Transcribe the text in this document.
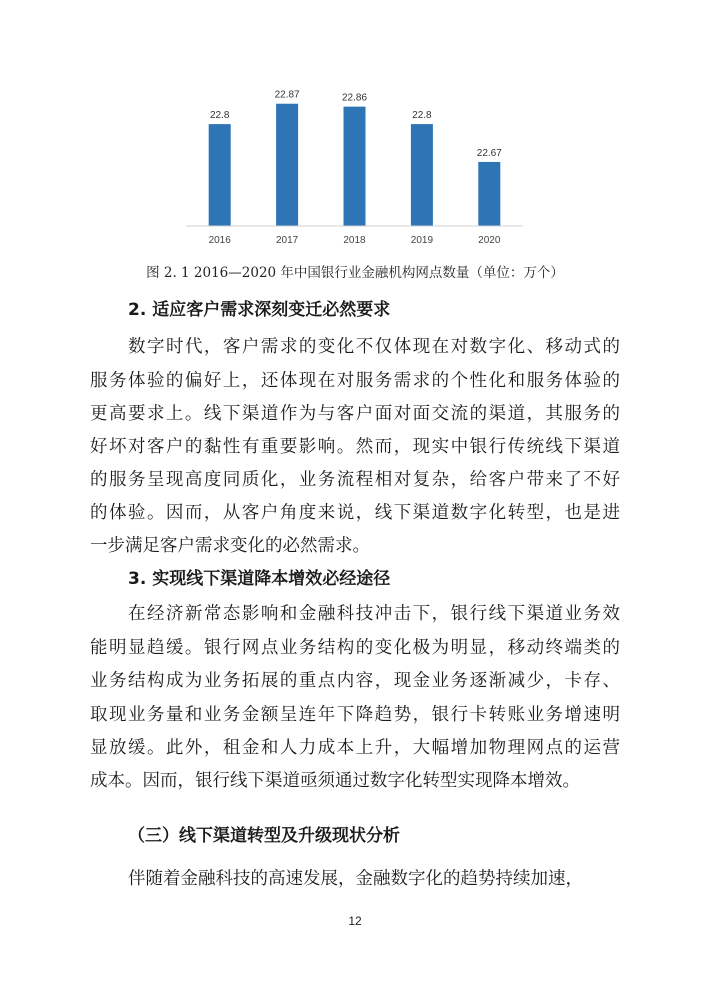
22.8
22.87	22.86
22.8
22.67
2016	2017	2018	2019	2020
图 2. 1 2016—2020 年中国银行业金融机构网点数量（单位：万个）
2. 适应客户需求深刻变迁必然要求
数字时代，客户需求的变化不仅体现在对数字化、移动式的
服务体验的偏好上，还体现在对服务需求的个性化和服务体验的
更高要求上。线下渠道作为与客户面对面交流的渠道，其服务的
好坏对客户的黏性有重要影响。然而，现实中银行传统线下渠道
的服务呈现高度同质化，业务流程相对复杂，给客户带来了不好
的体验。因而，从客户角度来说，线下渠道数字化转型，也是进
一步满足客户需求变化的必然需求。
3. 实现线下渠道降本增效必经途径
在经济新常态影响和金融科技冲击下，银行线下渠道业务效
能明显趋缓。银行网点业务结构的变化极为明显，移动终端类的
业务结构成为业务拓展的重点内容，现金业务逐渐减少，卡存、
取现业务量和业务金额呈连年下降趋势，银行卡转账业务增速明
显放缓。此外，租金和人力成本上升，大幅增加物理网点的运营
成本。因而，银行线下渠道亟须通过数字化转型实现降本增效。
（三）线下渠道转型及升级现状分析
伴随着金融科技的高速发展，金融数字化的趋势持续加速，
12
